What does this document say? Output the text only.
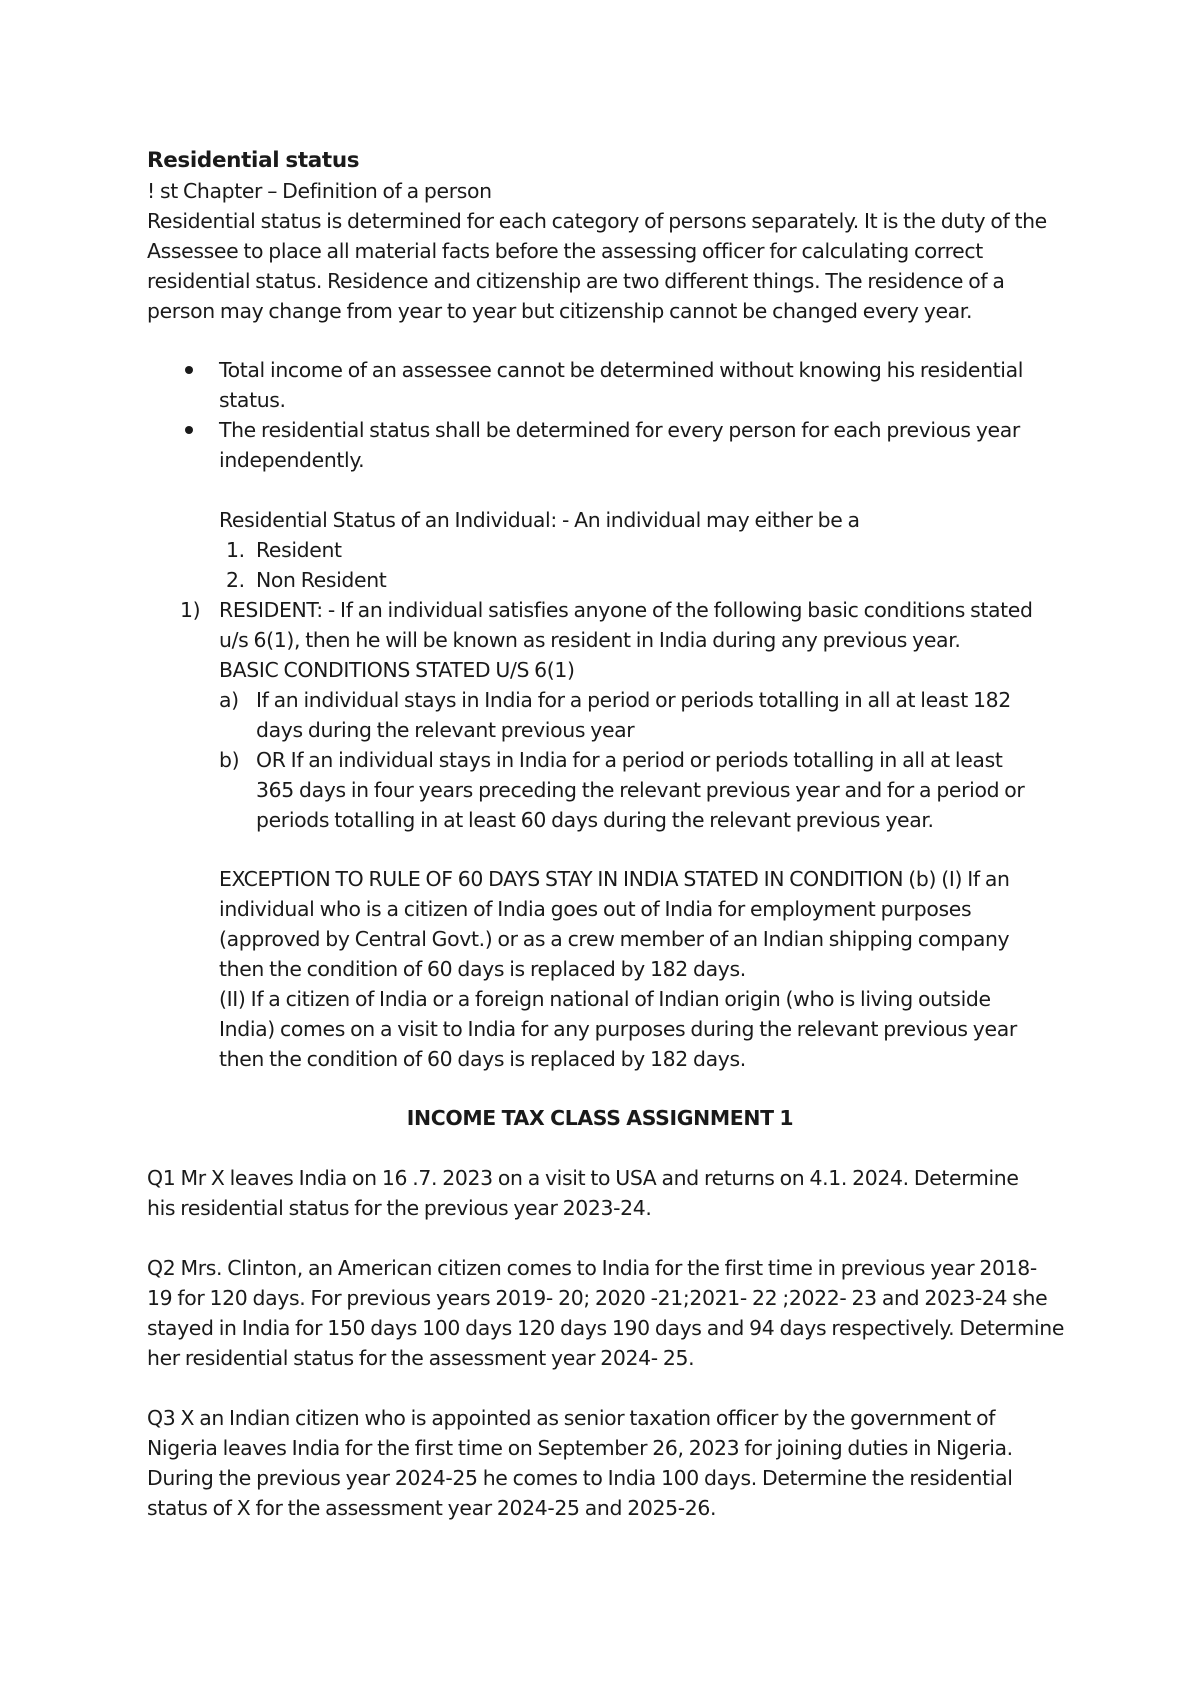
Residential status
! st Chapter – Definition of a person
Residential status is determined for each category of persons separately. It is the duty of the
Assessee to place all material facts before the assessing officer for calculating correct
residential status. Residence and citizenship are two different things. The residence of a
person may change from year to year but citizenship cannot be changed every year.
Total income of an assessee cannot be determined without knowing his residential
status.
The residential status shall be determined for every person for each previous year
independently.
Residential Status of an Individual: - An individual may either be a
1. Resident
2. Non Resident
1) RESIDENT: - If an individual satisfies anyone of the following basic conditions stated
u/s 6(1), then he will be known as resident in India during any previous year.
BASIC CONDITIONS STATED U/S 6(1)
a) If an individual stays in India for a period or periods totalling in all at least 182
days during the relevant previous year
b) OR If an individual stays in India for a period or periods totalling in all at least
365 days in four years preceding the relevant previous year and for a period or
periods totalling in at least 60 days during the relevant previous year.
EXCEPTION TO RULE OF 60 DAYS STAY IN INDIA STATED IN CONDITION (b) (I) If an
individual who is a citizen of India goes out of India for employment purposes
(approved by Central Govt.) or as a crew member of an Indian shipping company
then the condition of 60 days is replaced by 182 days.
(II) If a citizen of India or a foreign national of Indian origin (who is living outside
India) comes on a visit to India for any purposes during the relevant previous year
then the condition of 60 days is replaced by 182 days.
INCOME TAX CLASS ASSIGNMENT 1
Q1 Mr X leaves India on 16 .7. 2023 on a visit to USA and returns on 4.1. 2024. Determine
his residential status for the previous year 2023-24.
Q2 Mrs. Clinton, an American citizen comes to India for the first time in previous year 2018-
19 for 120 days. For previous years 2019- 20; 2020 -21;2021- 22 ;2022- 23 and 2023-24 she
stayed in India for 150 days 100 days 120 days 190 days and 94 days respectively. Determine
her residential status for the assessment year 2024- 25.
Q3 X an Indian citizen who is appointed as senior taxation officer by the government of
Nigeria leaves India for the first time on September 26, 2023 for joining duties in Nigeria.
During the previous year 2024-25 he comes to India 100 days. Determine the residential
status of X for the assessment year 2024-25 and 2025-26.
